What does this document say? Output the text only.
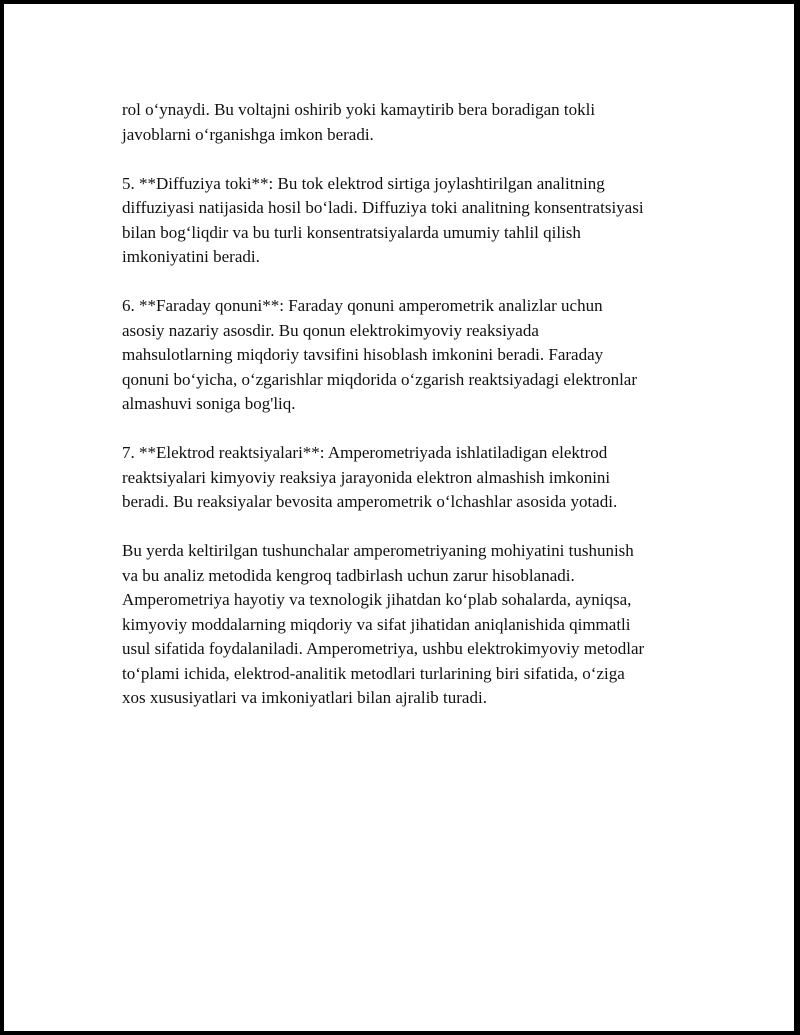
rol o‘ynaydi. Bu voltajni oshirib yoki kamaytirib bera boradigan tokli
javoblarni o‘rganishga imkon beradi.

5. **Diffuziya toki**: Bu tok elektrod sirtiga joylashtirilgan analitning
diffuziyasi natijasida hosil bo‘ladi. Diffuziya toki analitning konsentratsiyasi
bilan bog‘liqdir va bu turli konsentratsiyalarda umumiy tahlil qilish
imkoniyatini beradi.

6. **Faraday qonuni**: Faraday qonuni amperometrik analizlar uchun
asosiy nazariy asosdir. Bu qonun elektrokimyoviy reaksiyada
mahsulotlarning miqdoriy tavsifini hisoblash imkonini beradi. Faraday
qonuni bo‘yicha, o‘zgarishlar miqdorida o‘zgarish reaktsiyadagi elektronlar
almashuvi soniga bog'liq.

7. **Elektrod reaktsiyalari**: Amperometriyada ishlatiladigan elektrod
reaktsiyalari kimyoviy reaksiya jarayonida elektron almashish imkonini
beradi. Bu reaksiyalar bevosita amperometrik o‘lchashlar asosida yotadi.

Bu yerda keltirilgan tushunchalar amperometriyaning mohiyatini tushunish
va bu analiz metodida kengroq tadbirlash uchun zarur hisoblanadi.
Amperometriya hayotiy va texnologik jihatdan ko‘plab sohalarda, ayniqsa,
kimyoviy moddalarning miqdoriy va sifat jihatidan aniqlanishida qimmatli
usul sifatida foydalaniladi. Amperometriya, ushbu elektrokimyoviy metodlar
to‘plami ichida, elektrod-analitik metodlari turlarining biri sifatida, o‘ziga
xos xususiyatlari va imkoniyatlari bilan ajralib turadi.
